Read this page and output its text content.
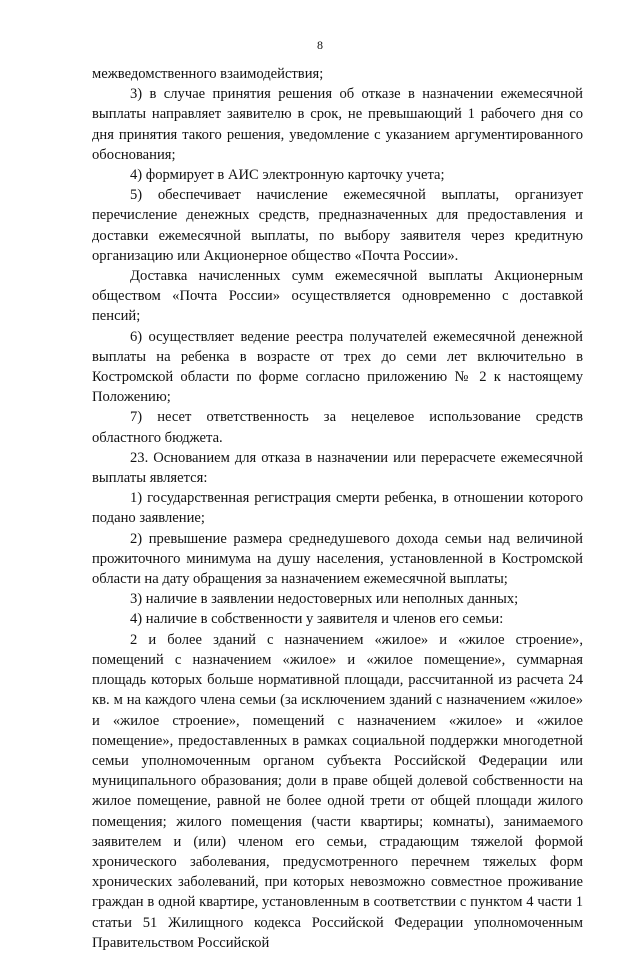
8

межведомственного взаимодействия;

3) в случае принятия решения об отказе в назначении ежемесячной выплаты направляет заявителю в срок, не превышающий 1 рабочего дня со дня принятия такого решения, уведомление с указанием аргументированного обоснования;

4) формирует в АИС электронную карточку учета;

5) обеспечивает начисление ежемесячной выплаты, организует перечисление денежных средств, предназначенных для предоставления и доставки ежемесячной выплаты, по выбору заявителя через кредитную организацию или Акционерное общество «Почта России».

Доставка начисленных сумм ежемесячной выплаты Акционерным обществом «Почта России» осуществляется одновременно с доставкой пенсий;

6) осуществляет ведение реестра получателей ежемесячной денежной выплаты на ребенка в возрасте от трех до семи лет включительно в Костромской области по форме согласно приложению № 2 к настоящему Положению;

7) несет ответственность за нецелевое использование средств областного бюджета.

23. Основанием для отказа в назначении или перерасчете ежемесячной выплаты является:

1) государственная регистрация смерти ребенка, в отношении которого подано заявление;

2) превышение размера среднедушевого дохода семьи над величиной прожиточного минимума на душу населения, установленной в Костромской области на дату обращения за назначением ежемесячной выплаты;

3) наличие в заявлении недостоверных или неполных данных;

4) наличие в собственности у заявителя и членов его семьи:

2 и более зданий с назначением «жилое» и «жилое строение», помещений с назначением «жилое» и «жилое помещение», суммарная площадь которых больше нормативной площади, рассчитанной из расчета 24 кв. м на каждого члена семьи (за исключением зданий с назначением «жилое» и «жилое строение», помещений с назначением «жилое» и «жилое помещение», предоставленных в рамках социальной поддержки многодетной семьи уполномоченным органом субъекта Российской Федерации или муниципального образования; доли в праве общей долевой собственности на жилое помещение, равной не более одной трети от общей площади жилого помещения; жилого помещения (части квартиры; комнаты), занимаемого заявителем и (или) членом его семьи, страдающим тяжелой формой хронического заболевания, предусмотренного перечнем тяжелых форм хронических заболеваний, при которых невозможно совместное проживание граждан в одной квартире, установленным в соответствии с пунктом 4 части 1 статьи 51 Жилищного кодекса Российской Федерации уполномоченным Правительством Российской
